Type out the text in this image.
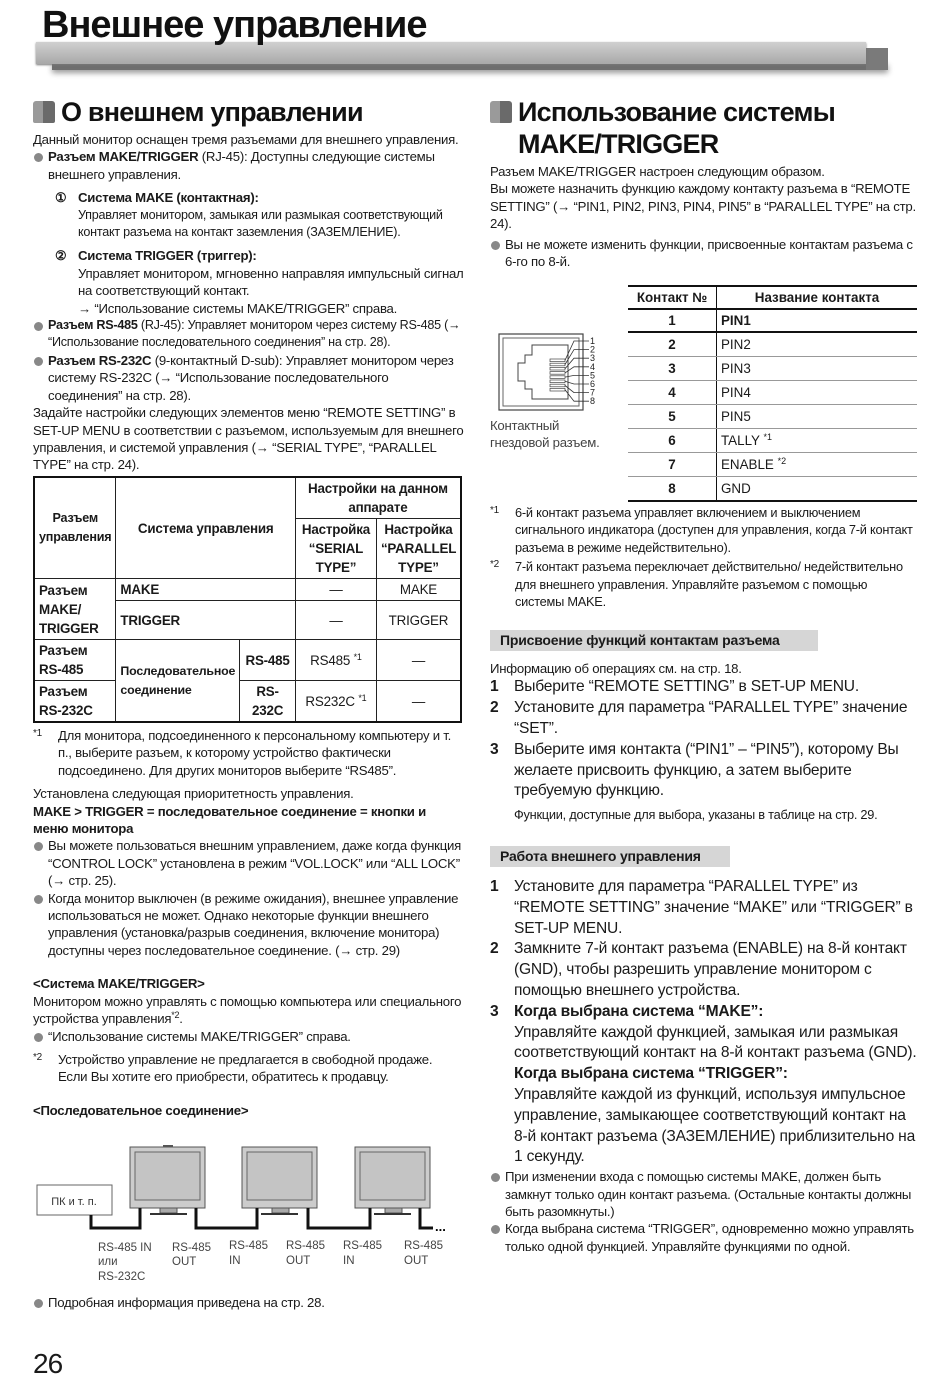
Внешнее управление
О внешнем управлении

Данный монитор оснащен тремя разъемами для внешнего управления.

Разъем MAKE/TRIGGER (RJ-45): Доступны следующие системы внешнего управления.

① Система MAKE (контактная):

Управляет монитором, замыкая или размыкая соответствующий контакт разъема на контакт заземления (ЗАЗЕМЛЕНИЕ).

② Система TRIGGER (триггер):

Управляет монитором, мгновенно направляя импульсный сигнал на соответствующий контакт.

→ “Использование системы MAKE/TRIGGER” справа.

Разъем RS-485 (RJ-45): Управляет монитором через систему RS-485 (→ “Использование последовательного соединения” на стр. 28).

Разъем RS-232C (9-контактный D-sub): Управляет монитором через систему RS-232C (→ “Использование последовательного соединения” на стр. 28).

Задайте настройки следующих элементов меню “REMOTE SETTING” в SET-UP MENU в соответствии с разъемом, используемым для внешнего управления, и системой управления (→ “SERIAL TYPE”, “PARALLEL TYPE” на стр. 24).

Разъем управления	Система управления		Настройки на данном аппарате	
			Настройка “SERIAL TYPE”	Настройка “PARALLEL TYPE”
Разъем MAKE/ TRIGGER	MAKE		—	MAKE
	TRIGGER		—	TRIGGER
Разъем RS-485	Последовательное соединение	RS-485	RS485 $^{*1}$	—
Разъем RS-232C		RS-232C	RS232C $^{*1}$	—

*1 Для монитора, подсоединенного к персональному компьютеру и т. п., выберите разъем, к которому устройство фактически подсоединено. Для других мониторов выберите “RS485”.

Установлена следующая приоритетность управления.

MAKE > TRIGGER = последовательное соединение = кнопки и меню монитора

Вы можете пользоваться внешним управлением, даже когда функция “CONTROL LOCK” установлена в режим “VOL.LOCK” или “ALL LOCK” (→ стр. 25).

Когда монитор выключен (в режиме ожидания), внешнее управление использоваться не может. Однако некоторые функции внешнего управления (установка/разрыв соединения, включение монитора) доступны через последовательное соединение. (→ стр. 29)

<Система MAKE/TRIGGER>

Монитором можно управлять с помощью компьютера или специального устройства управления$^{*2}$.

“Использование системы MAKE/TRIGGER” справа.

*2 Устройство управление не предлагается в свободной продаже. Если Вы хотите его приобрести, обратитесь к продавцу.

<Последовательное соединение>

ПК и т. п.
...
RS-485 IN
или
RS-232C
RS-485
OUT
RS-485
IN
RS-485
OUT
RS-485
IN
RS-485
OUT

Подробная информация приведена на стр. 28.

26
Использование системы
MAKE/TRIGGER

Разъем MAKE/TRIGGER настроен следующим образом.

Вы можете назначить функцию каждому контакту разъема в “REMOTE SETTING” (→ “PIN1, PIN2, PIN3, PIN4, PIN5” в “PARALLEL TYPE” на стр. 24).

Вы не можете изменить функции, присвоенные контактам разъема с 6-го по 8-й.

1
2
3
4
5
6
7
8
Контактный гнездовой разъем.
Контакт №	Название контакта
1	PIN1
2	PIN2
3	PIN3
4	PIN4
5	PIN5
6	TALLY $^{*1}$
7	ENABLE $^{*2}$
8	GND

*1 6-й контакт разъема управляет включением и выключением сигнального индикатора (доступен для управления, когда 7-й контакт разъема в режиме недействительно).

*2 7-й контакт разъема переключает действительно/ недействительно для внешнего управления. Управляйте разъемом с помощью системы MAKE.

Присвоение функций контактам разъема

Информацию об операциях см. на стр. 18.

1 Выберите “REMOTE SETTING” в SET-UP MENU.

2 Установите для параметра “PARALLEL TYPE” значение “SET”.

3 Выберите имя контакта (“PIN1” – “PIN5”), которому Вы желаете присвоить функцию, а затем выберите требуемую функцию.

Функции, доступные для выбора, указаны в таблице на стр. 29.

Работа внешнего управления

1 Установите для параметра “PARALLEL TYPE” из “REMOTE SETTING” значение “MAKE” или “TRIGGER” в SET-UP MENU.

2 Замкните 7-й контакт разъема (ENABLE) на 8-й контакт (GND), чтобы разрешить управление монитором с помощью внешнего устройства.

3 Когда выбрана система “MAKE”:

Управляйте каждой функцией, замыкая или размыкая соответствующий контакт на 8-й контакт разъема (GND).

Когда выбрана система “TRIGGER”:

Управляйте каждой из функций, используя импульсное управление, замыкающее соответствующий контакт на 8-й контакт разъема (ЗАЗЕМЛЕНИЕ) приблизительно на 1 секунду.

При изменении входа с помощью системы MAKE, должен быть замкнут только один контакт разъема. (Остальные контакты должны быть разомкнуты.)

Когда выбрана система “TRIGGER”, одновременно можно управлять только одной функцией. Управляйте функциями по одной.
